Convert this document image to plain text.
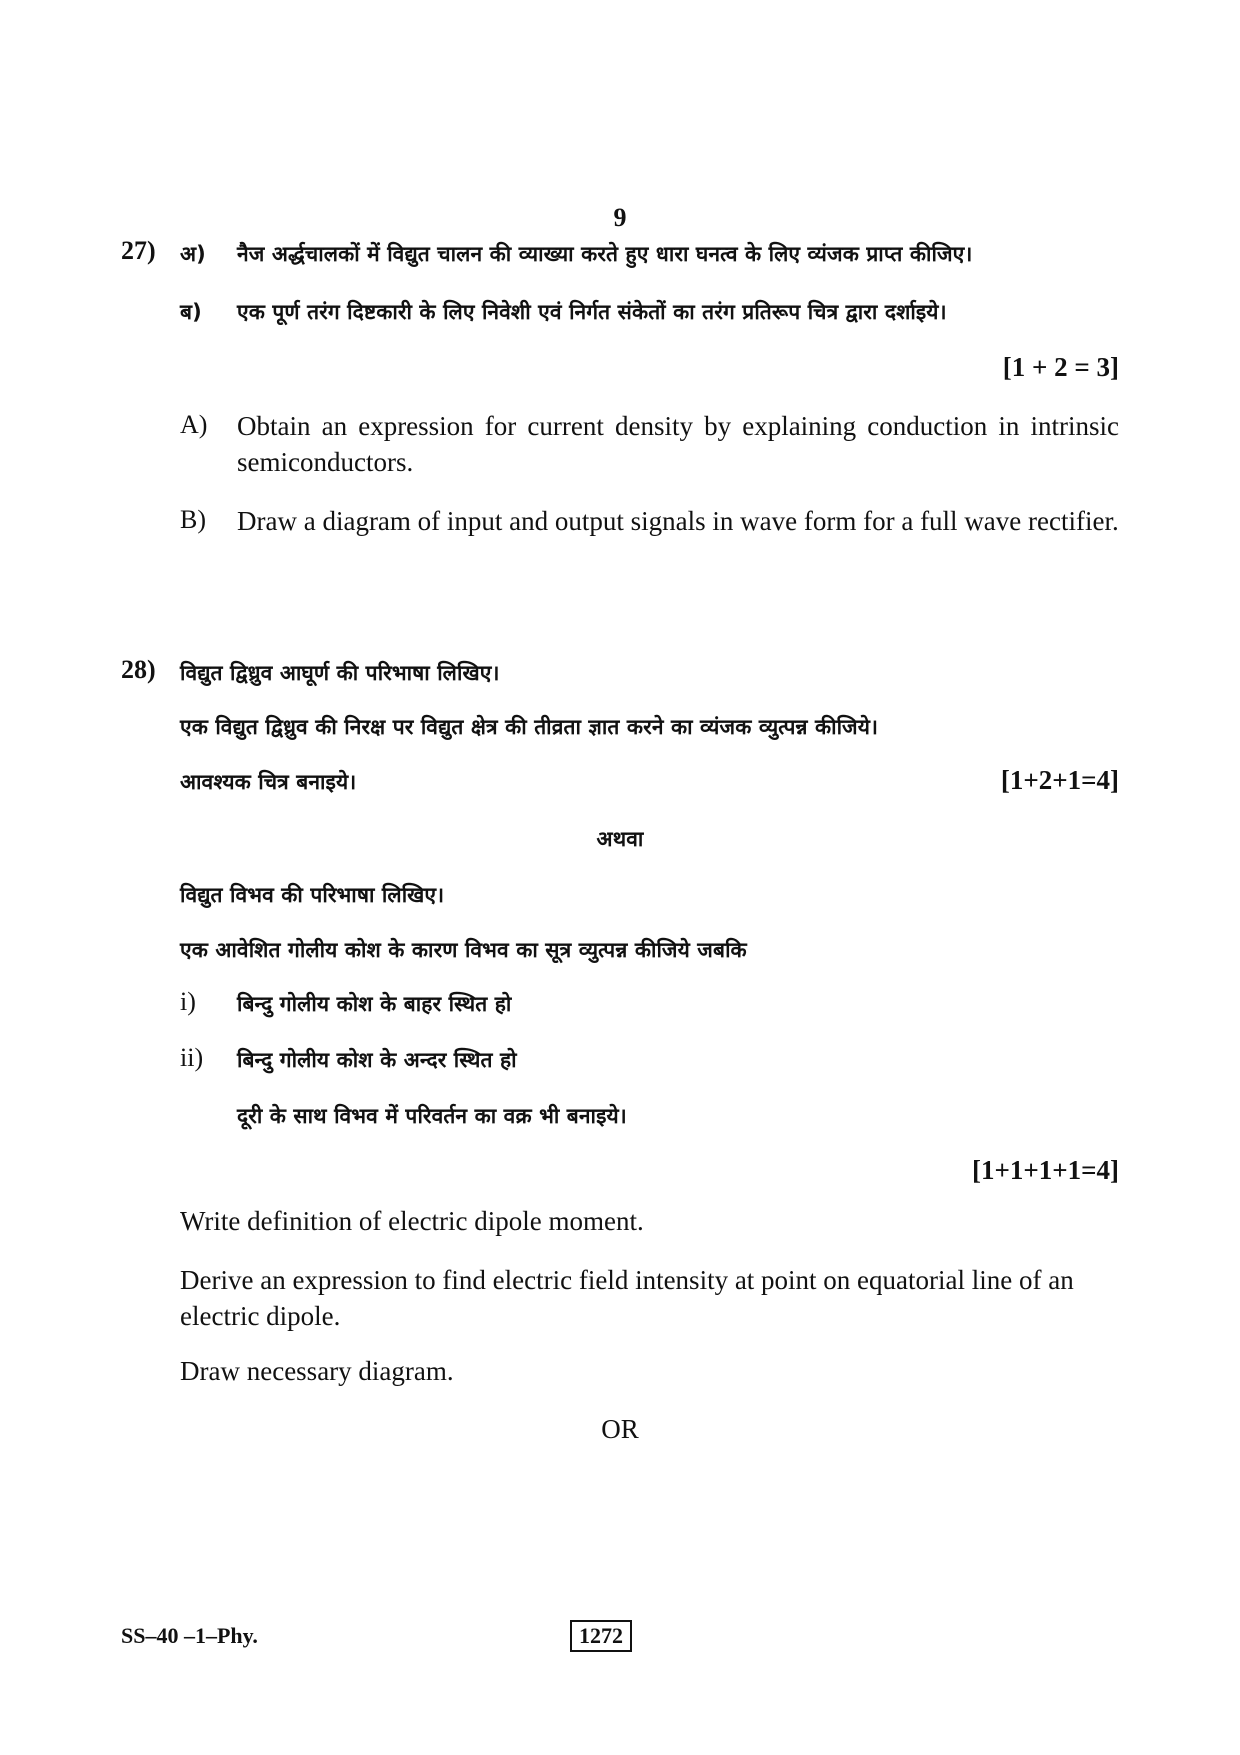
9
27) अ) नैज अर्द्धचालकों में विद्युत चालन की व्याख्या करते हुए धारा घनत्व के लिए व्यंजक प्राप्त कीजिए।
ब) एक पूर्ण तरंग दिष्टकारी के लिए निवेशी एवं निर्गत संकेतों का तरंग प्रतिरूप चित्र द्वारा दर्शाइये।
[1 + 2 = 3]
A) Obtain an expression for current density by explaining conduction in intrinsic semiconductors.
B) Draw a diagram of input and output signals in wave form for a full wave rectifier.
28) विद्युत द्विध्रुव आघूर्ण की परिभाषा लिखिए।
एक विद्युत द्विध्रुव की निरक्ष पर विद्युत क्षेत्र की तीव्रता ज्ञात करने का व्यंजक व्युत्पन्न कीजिये।
आवश्यक चित्र बनाइये।	[1+2+1=4]
अथवा
विद्युत विभव की परिभाषा लिखिए।
एक आवेशित गोलीय कोश के कारण विभव का सूत्र व्युत्पन्न कीजिये जबकि
i) बिन्दु गोलीय कोश के बाहर स्थित हो
ii) बिन्दु गोलीय कोश के अन्दर स्थित हो
दूरी के साथ विभव में परिवर्तन का वक्र भी बनाइये।
[1+1+1+1=4]
Write definition of electric dipole moment.
Derive an expression to find electric field intensity at point on equatorial line of an electric dipole.
Draw necessary diagram.
OR
SS–40 –1–Phy.	1272
